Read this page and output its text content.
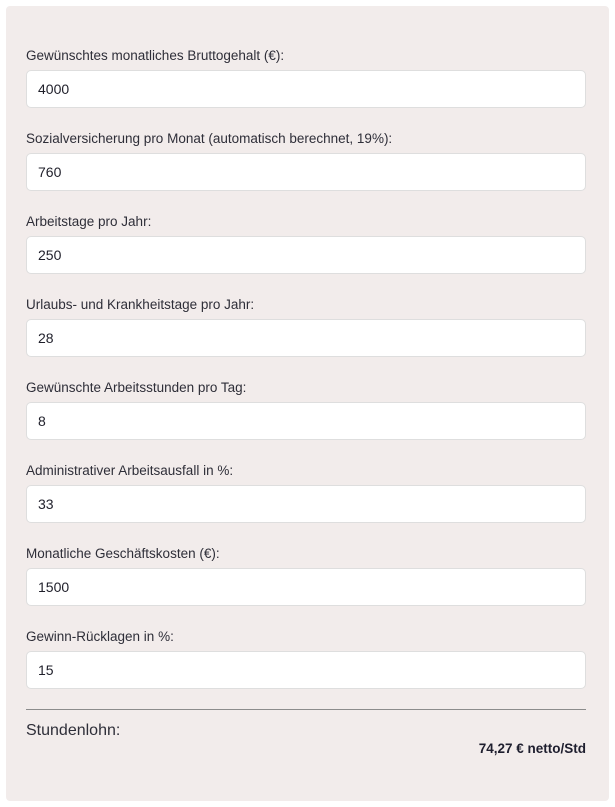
Gewünschtes monatliches Bruttogehalt (€):
4000
Sozialversicherung pro Monat (automatisch berechnet, 19%):
760
Arbeitstage pro Jahr:
250
Urlaubs- und Krankheitstage pro Jahr:
28
Gewünschte Arbeitsstunden pro Tag:
8
Administrativer Arbeitsausfall in %:
33
Monatliche Geschäftskosten (€):
1500
Gewinn-Rücklagen in %:
15
Stundenlohn:
74,27 € netto/Std
